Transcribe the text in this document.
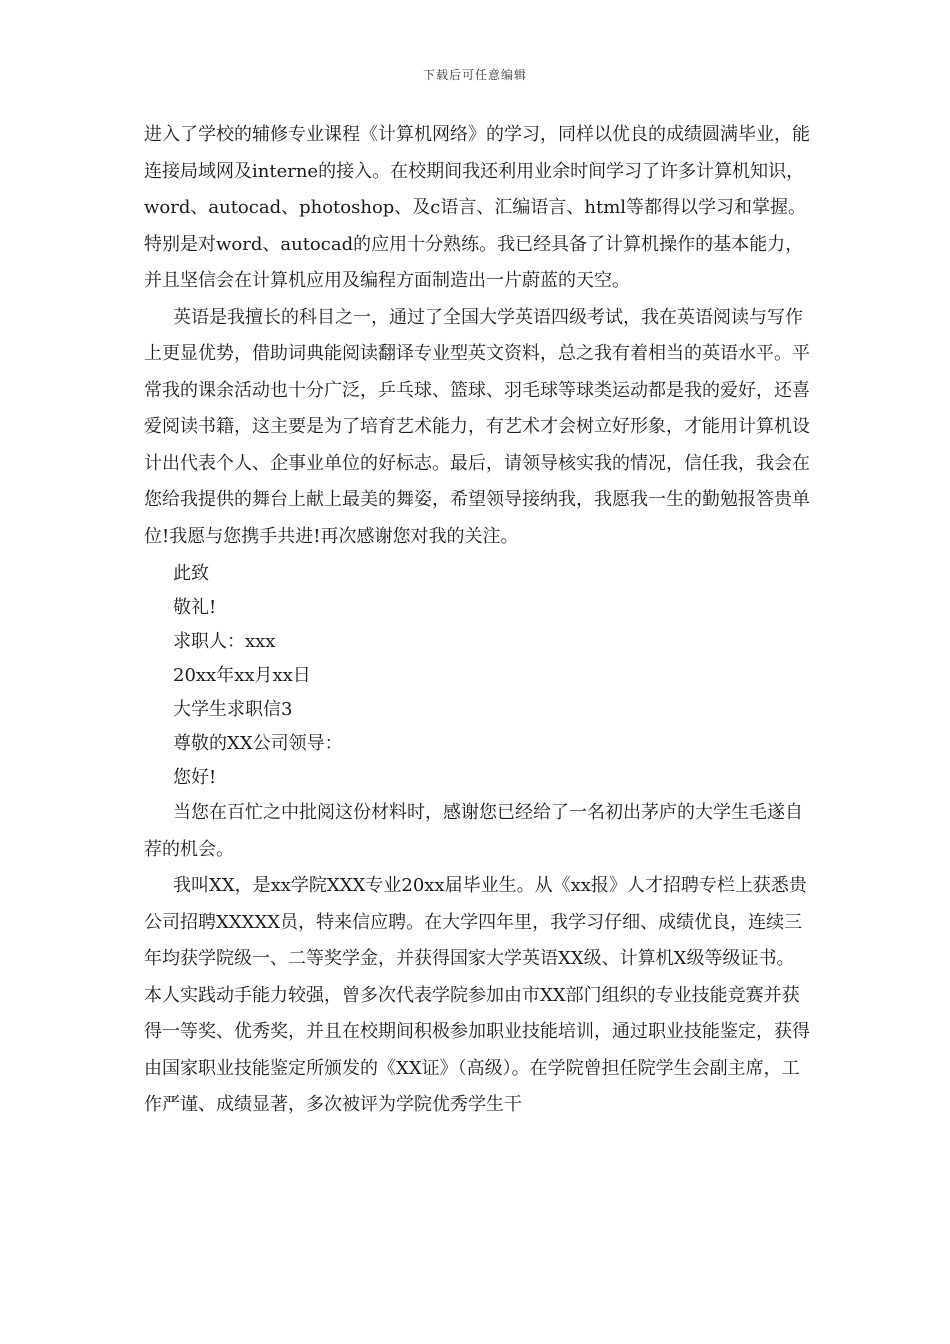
下载后可任意编辑

进入了学校的辅修专业课程《计算机网络》的学习，同样以优良的成绩圆满毕业，能连接局域网及interne的接入。在校期间我还利用业余时间学习了许多计算机知识，word、autocad、photoshop、及c语言、汇编语言、html等都得以学习和掌握。特别是对word、autocad的应用十分熟练。我已经具备了计算机操作的基本能力，并且坚信会在计算机应用及编程方面制造出一片蔚蓝的天空。

英语是我擅长的科目之一，通过了全国大学英语四级考试，我在英语阅读与写作上更显优势，借助词典能阅读翻译专业型英文资料，总之我有着相当的英语水平。平常我的课余活动也十分广泛，乒乓球、篮球、羽毛球等球类运动都是我的爱好，还喜爱阅读书籍，这主要是为了培育艺术能力，有艺术才会树立好形象，才能用计算机设计出代表个人、企事业单位的好标志。最后，请领导核实我的情况，信任我，我会在您给我提供的舞台上献上最美的舞姿，希望领导接纳我，我愿我一生的勤勉报答贵单位!我愿与您携手共进!再次感谢您对我的关注。

此致

敬礼!

求职人：xxx

20xx年xx月xx日

大学生求职信3

尊敬的XX公司领导：

您好!

当您在百忙之中批阅这份材料时，感谢您已经给了一名初出茅庐的大学生毛遂自荐的机会。

我叫XX，是xx学院XXX专业20xx届毕业生。从《xx报》人才招聘专栏上获悉贵公司招聘XXXXX员，特来信应聘。在大学四年里，我学习仔细、成绩优良，连续三年均获学院级一、二等奖学金，并获得国家大学英语XX级、计算机X级等级证书。本人实践动手能力较强，曾多次代表学院参加由市XX部门组织的专业技能竞赛并获得一等奖、优秀奖，并且在校期间积极参加职业技能培训，通过职业技能鉴定，获得由国家职业技能鉴定所颁发的《XX证》（高级）。在学院曾担任院学生会副主席，工作严谨、成绩显著，多次被评为学院优秀学生干
